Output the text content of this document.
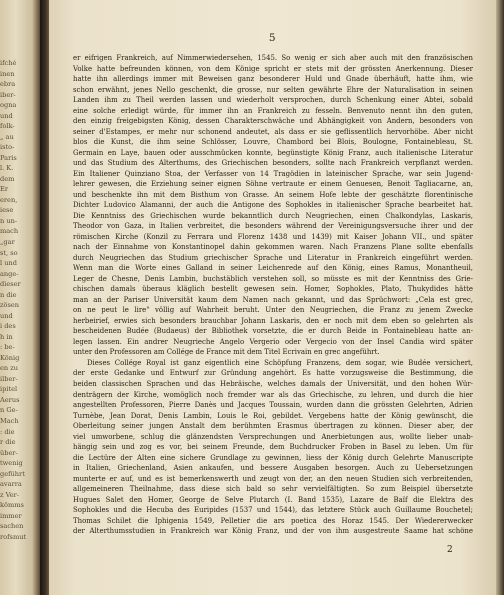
ifché
inen
ebra
iber-
ogna
und
folk-
„ au
isto-
Paris
l. K.
dem
Er
eren,
iese
n un-
mach
„gar
st, so
l und
ange-
dieser
n die
zösen
und
i des
h in
: be-
König
en zu
ilber-
ipitel
Aerus
n Ge-
Mach
: die
r die
über-
twenig
geführt
avarra
z Ver-
kömms
immer
sachen
rofsmut
5
er eifrigen Frankreich, auf Nimmerwiedersehen, 1545. So wenig er sich aber auch mit den französischen
Volke hatte befreunden können, von dem Könige spricht er stets mit der grössten Anerkennung. Dieser
hatte ihn allerdings immer mit Beweisen ganz besonderer Huld und Gnade überhäuft, hatte ihm, wie
schon erwähnt, jenes Nello geschenkt, die grosse, nur selten gewährte Ehre der Naturalisation in seinen
Landen ihm zu Theil werden lassen und wiederholt versprochen, durch Schenkung einer Abtei, sobald
eine solche erledigt würde, für immer ihn an Frankreich zu fesseln. Benvenuto nennt ihn den guten,
den einzig freigebigsten König, dessen Charakterschwäche und Abhängigkeit von Andern, besonders von
seiner d'Estampes, er mehr nur schonend andeutet, als dass er sie geflissentlich hervorhöbe. Aber nicht
blos die Kunst, die ihm seine Schlösser, Louvre, Chambord bei Blois, Boulogne, Fontainebleau, St.
Germain en Laye, bauen oder ausschmücken konnte, begünstigte König Franz, auch italienische Literatur
und das Studium des Alterthums, des Griechischen besonders, sollte nach Frankreich verpflanzt werden.
Ein Italiener Quinziano Stoa, der Verfasser von 14 Tragödien in lateinischer Sprache, war sein Jugend-
lehrer gewesen, die Erziehung seiner eignen Söhne vertraute er einem Genuesen, Benoit Tagliacarne, an,
und beschenkte ihn mit dem Bisthum von Grasse. An seinem Hofe lebte der geschätzte florentinische
Dichter Ludovico Alamanni, der auch die Antigone des Sophokles in italienischer Sprache bearbeitet hat.
Die Kenntniss des Griechischen wurde bekanntlich durch Neugriechen, einen Chalkondylas, Laskaris,
Theodor von Gaza, in Italien verbreitet, die besonders während der Vereinigungsversuche ihrer und der
römischen Kirche (Konzil zu Ferrara und Florenz 1438 und 1439) mit Kaiser Johann VII., und später
nach der Einnahme von Konstantinopel dahin gekommen waren. Nach Franzens Plane sollte ebenfalls
durch Neugriechen das Studium griechischer Sprache und Literatur in Frankreich eingeführt werden.
Wenn man die Worte eines Galland in seiner Leichenrede auf den König, eines Ramus, Monantheuil,
Leger de Chesne, Denis Lambin, buchstäblich verstehen soll, so müsste es mit der Kenntniss des Grie-
chischen damals überaus kläglich bestellt gewesen sein. Homer, Sophokles, Plato, Thukydides hätte
man an der Pariser Universität kaum dem Namen nach gekannt, und das Sprüchwort: „Cela est grec,
on ne peut le lire" völlig auf Wahrheit beruht. Unter den Neugriechen, die Franz zu jenem Zwecke
herbeirief, erwies sich besonders brauchbar Johann Laskaris, den er noch mit dem eben so gelehrten als
bescheidenen Budée (Budaeus) der Bibliothek vorsetzte, die er durch Beide in Fontainebleau hatte an-
legen lassen. Ein andrer Neugrieche Angelo Vergerio oder Vergecio von der Insel Candia wird später
unter den Professoren am Collége de France mit dem Titel Ecrivain en grec angeführt.
Dieses Collége Royal ist ganz eigentlich eine Schöpfung Franzens, dem sogar, wie Budée versichert,
der erste Gedanke und Entwurf zur Gründung angehört. Es hatte vorzugsweise die Bestimmung, die
beiden classischen Sprachen und das Hebräische, welches damals der Universität, und den hohen Wür-
denträgern der Kirche, womöglich noch fremder war als das Griechische, zu lehren, und durch die hier
angestellten Professoren, Pierre Danès und Jacques Toussain, wurden dann die grössten Gelehrten, Adrien
Turnèbe, Jean Dorat, Denis Lambin, Louis le Roi, gebildet. Vergebens hatte der König gewünscht, die
Oberleitung seiner jungen Anstalt dem berühmten Erasmus übertragen zu können. Dieser aber, der
viel umworbene, schlug die glänzendsten Versprechungen und Anerbietungen aus, wollte lieber unab-
hängig sein und zog es vor, bei seinem Freunde, dem Buchdrucker Froben in Basel zu leben. Um für
die Lectüre der Alten eine sichere Grundlage zu gewinnen, liess der König durch Gelehrte Manuscripte
in Italien, Griechenland, Asien ankaufen, und bessere Ausgaben besorgen. Auch zu Uebersetzungen
munterte er auf, und es ist bemerkenswerth und zeugt von der, an den neuen Studien sich verbreitenden,
allgemeineren Theilnahme, dass diese sich bald so sehr vervielfältigten. So zum Beispiel übersetzte
Hugues Salet den Homer, George de Selve Plutarch (I. Band 1535), Lazare de Baïf die Elektra des
Sophokles und die Hecuba des Euripides (1537 und 1544), das letztere Stück auch Guillaume Bouchetel;
Thomas Schilet die Iphigenia 1549, Pelletier die ars poetica des Horaz 1545. Der Wiedererwecker
der Alterthumsstudien in Frankreich war König Franz, und der von ihm ausgestreute Saame hat schöne
2
